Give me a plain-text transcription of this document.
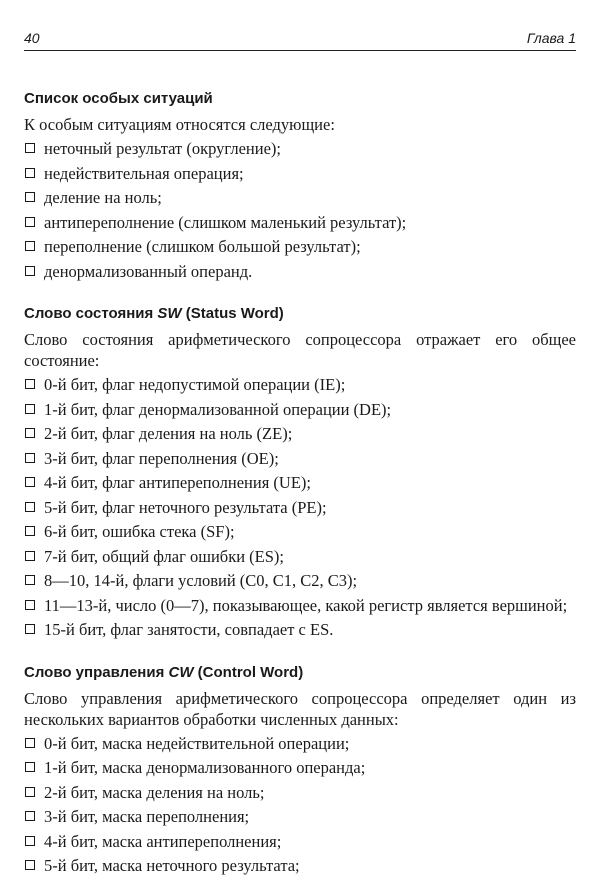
40	Глава 1
Список особых ситуаций

К особым ситуациям относятся следующие:

неточный результат (округление);
недействительная операция;
деление на ноль;
антипереполнение (слишком маленький результат);
переполнение (слишком большой результат);
денормализованный операнд.
Слово состояния SW (Status Word)

Слово состояния арифметического сопроцессора отражает его общее состояние:

0-й бит, флаг недопустимой операции (IE);
1-й бит, флаг денормализованной операции (DE);
2-й бит, флаг деления на ноль (ZE);
3-й бит, флаг переполнения (OE);
4-й бит, флаг антипереполнения (UE);
5-й бит, флаг неточного результата (PE);
6-й бит, ошибка стека (SF);
7-й бит, общий флаг ошибки (ES);
8—10, 14-й, флаги условий (C0, C1, C2, C3);
11—13-й, число (0—7), показывающее, какой регистр является вершиной;
15-й бит, флаг занятости, совпадает с ES.
Слово управления CW (Control Word)

Слово управления арифметического сопроцессора определяет один из нескольких вариантов обработки численных данных:

0-й бит, маска недействительной операции;
1-й бит, маска денормализованного операнда;
2-й бит, маска деления на ноль;
3-й бит, маска переполнения;
4-й бит, маска антипереполнения;
5-й бит, маска неточного результата;
